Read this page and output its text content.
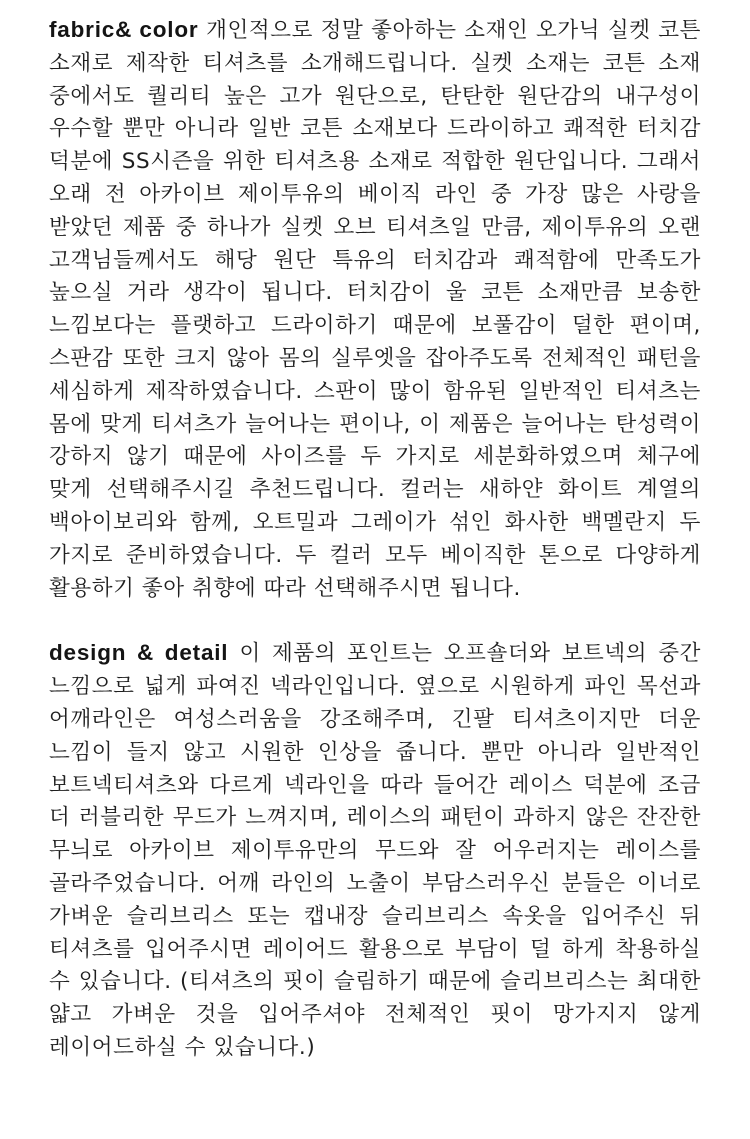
fabric& color 개인적으로 정말 좋아하는 소재인 오가닉 실켓 코튼 소재로 제작한 티셔츠를 소개해드립니다. 실켓 소재는 코튼 소재 중에서도 퀄리티 높은 고가 원단으로, 탄탄한 원단감의 내구성이 우수할 뿐만 아니라 일반 코튼 소재보다 드라이하고 쾌적한 터치감 덕분에 SS시즌을 위한 티셔츠용 소재로 적합한 원단입니다. 그래서 오래 전 아카이브 제이투유의 베이직 라인 중 가장 많은 사랑을 받았던 제품 중 하나가 실켓 오브 티셔츠일 만큼, 제이투유의 오랜 고객님들께서도 해당 원단 특유의 터치감과 쾌적함에 만족도가 높으실 거라 생각이 됩니다. 터치감이 울 코튼 소재만큼 보송한 느낌보다는 플랫하고 드라이하기 때문에 보풀감이 덜한 편이며, 스판감 또한 크지 않아 몸의 실루엣을 잡아주도록 전체적인 패턴을 세심하게 제작하였습니다. 스판이 많이 함유된 일반적인 티셔츠는 몸에 맞게 티셔츠가 늘어나는 편이나, 이 제품은 늘어나는 탄성력이 강하지 않기 때문에 사이즈를 두 가지로 세분화하였으며 체구에 맞게 선택해주시길 추천드립니다. 컬러는 새하얀 화이트 계열의 백아이보리와 함께, 오트밀과 그레이가 섞인 화사한 백멜란지 두 가지로 준비하였습니다. 두 컬러 모두 베이직한 톤으로 다양하게 활용하기 좋아 취향에 따라 선택해주시면 됩니다.

design & detail 이 제품의 포인트는 오프숄더와 보트넥의 중간 느낌으로 넓게 파여진 넥라인입니다. 옆으로 시원하게 파인 목선과 어깨라인은 여성스러움을 강조해주며, 긴팔 티셔츠이지만 더운 느낌이 들지 않고 시원한 인상을 줍니다. 뿐만 아니라 일반적인 보트넥티셔츠와 다르게 넥라인을 따라 들어간 레이스 덕분에 조금 더 러블리한 무드가 느껴지며, 레이스의 패턴이 과하지 않은 잔잔한 무늬로 아카이브 제이투유만의 무드와 잘 어우러지는 레이스를 골라주었습니다. 어깨 라인의 노출이 부담스러우신 분들은 이너로 가벼운 슬리브리스 또는 캡내장 슬리브리스 속옷을 입어주신 뒤 티셔츠를 입어주시면 레이어드 활용으로 부담이 덜 하게 착용하실 수 있습니다. (티셔츠의 핏이 슬림하기 때문에 슬리브리스는 최대한 얇고 가벼운 것을 입어주셔야 전체적인 핏이 망가지지 않게 레이어드하실 수 있습니다.)
